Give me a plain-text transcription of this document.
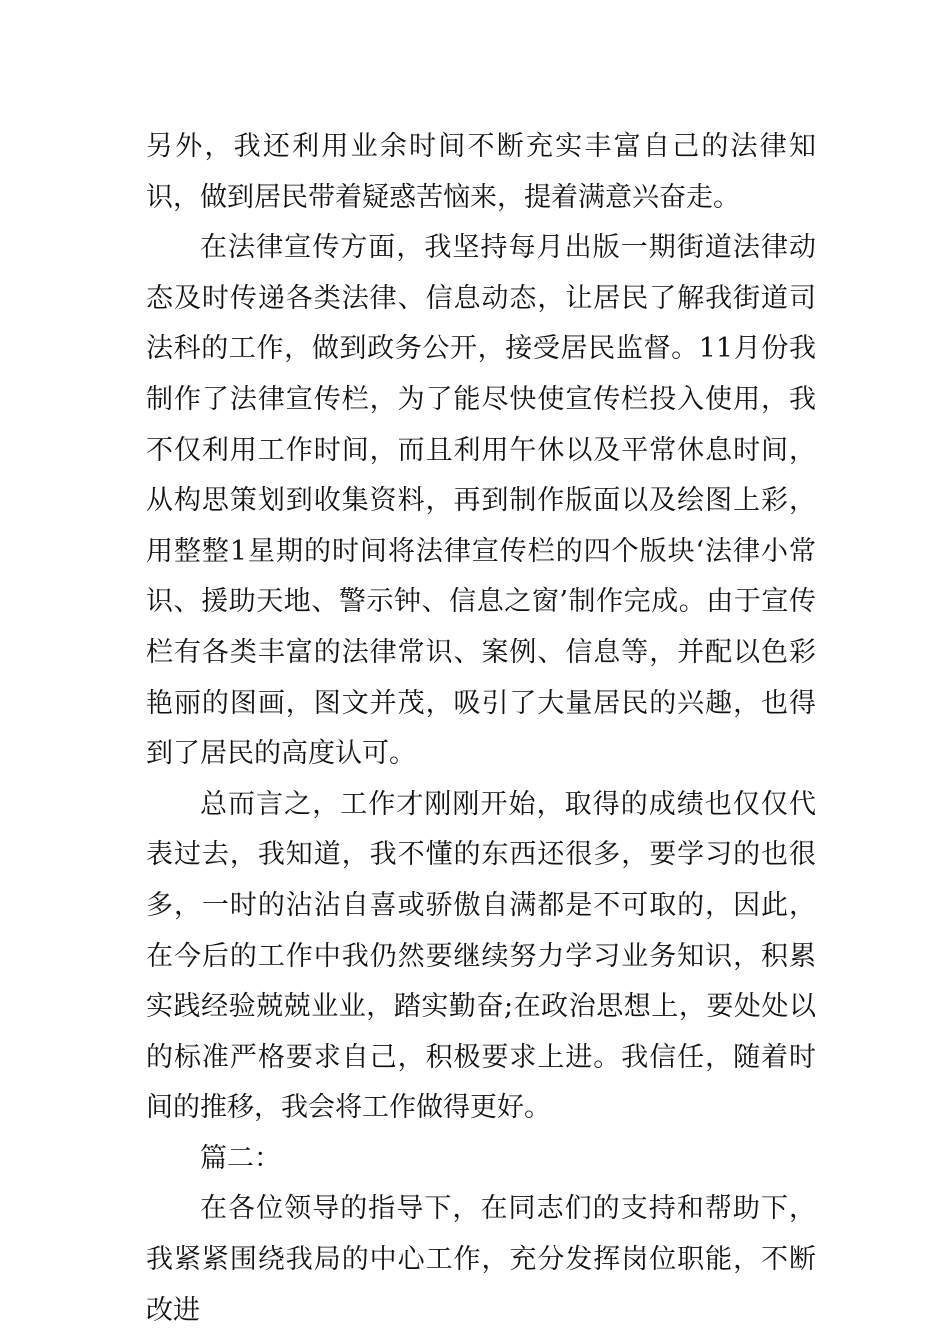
另外，我还利用业余时间不断充实丰富自己的法律知识，做到居民带着疑惑苦恼来，提着满意兴奋走。

在法律宣传方面，我坚持每月出版一期街道法律动态及时传递各类法律、信息动态，让居民了解我街道司法科的工作，做到政务公开，接受居民监督。11月份我制作了法律宣传栏，为了能尽快使宣传栏投入使用，我不仅利用工作时间，而且利用午休以及平常休息时间，从构思策划到收集资料，再到制作版面以及绘图上彩，用整整1星期的时间将法律宣传栏的四个版块‘法律小常识、援助天地、警示钟、信息之窗’制作完成。由于宣传栏有各类丰富的法律常识、案例、信息等，并配以色彩艳丽的图画，图文并茂，吸引了大量居民的兴趣，也得到了居民的高度认可。

总而言之，工作才刚刚开始，取得的成绩也仅仅代表过去，我知道，我不懂的东西还很多，要学习的也很多，一时的沾沾自喜或骄傲自满都是不可取的，因此，在今后的工作中我仍然要继续努力学习业务知识，积累实践经验兢兢业业，踏实勤奋;在政治思想上，要处处以的标准严格要求自己，积极要求上进。我信任，随着时间的推移，我会将工作做得更好。

篇二：

在各位领导的指导下，在同志们的支持和帮助下，我紧紧围绕我局的中心工作，充分发挥岗位职能，不断改进
